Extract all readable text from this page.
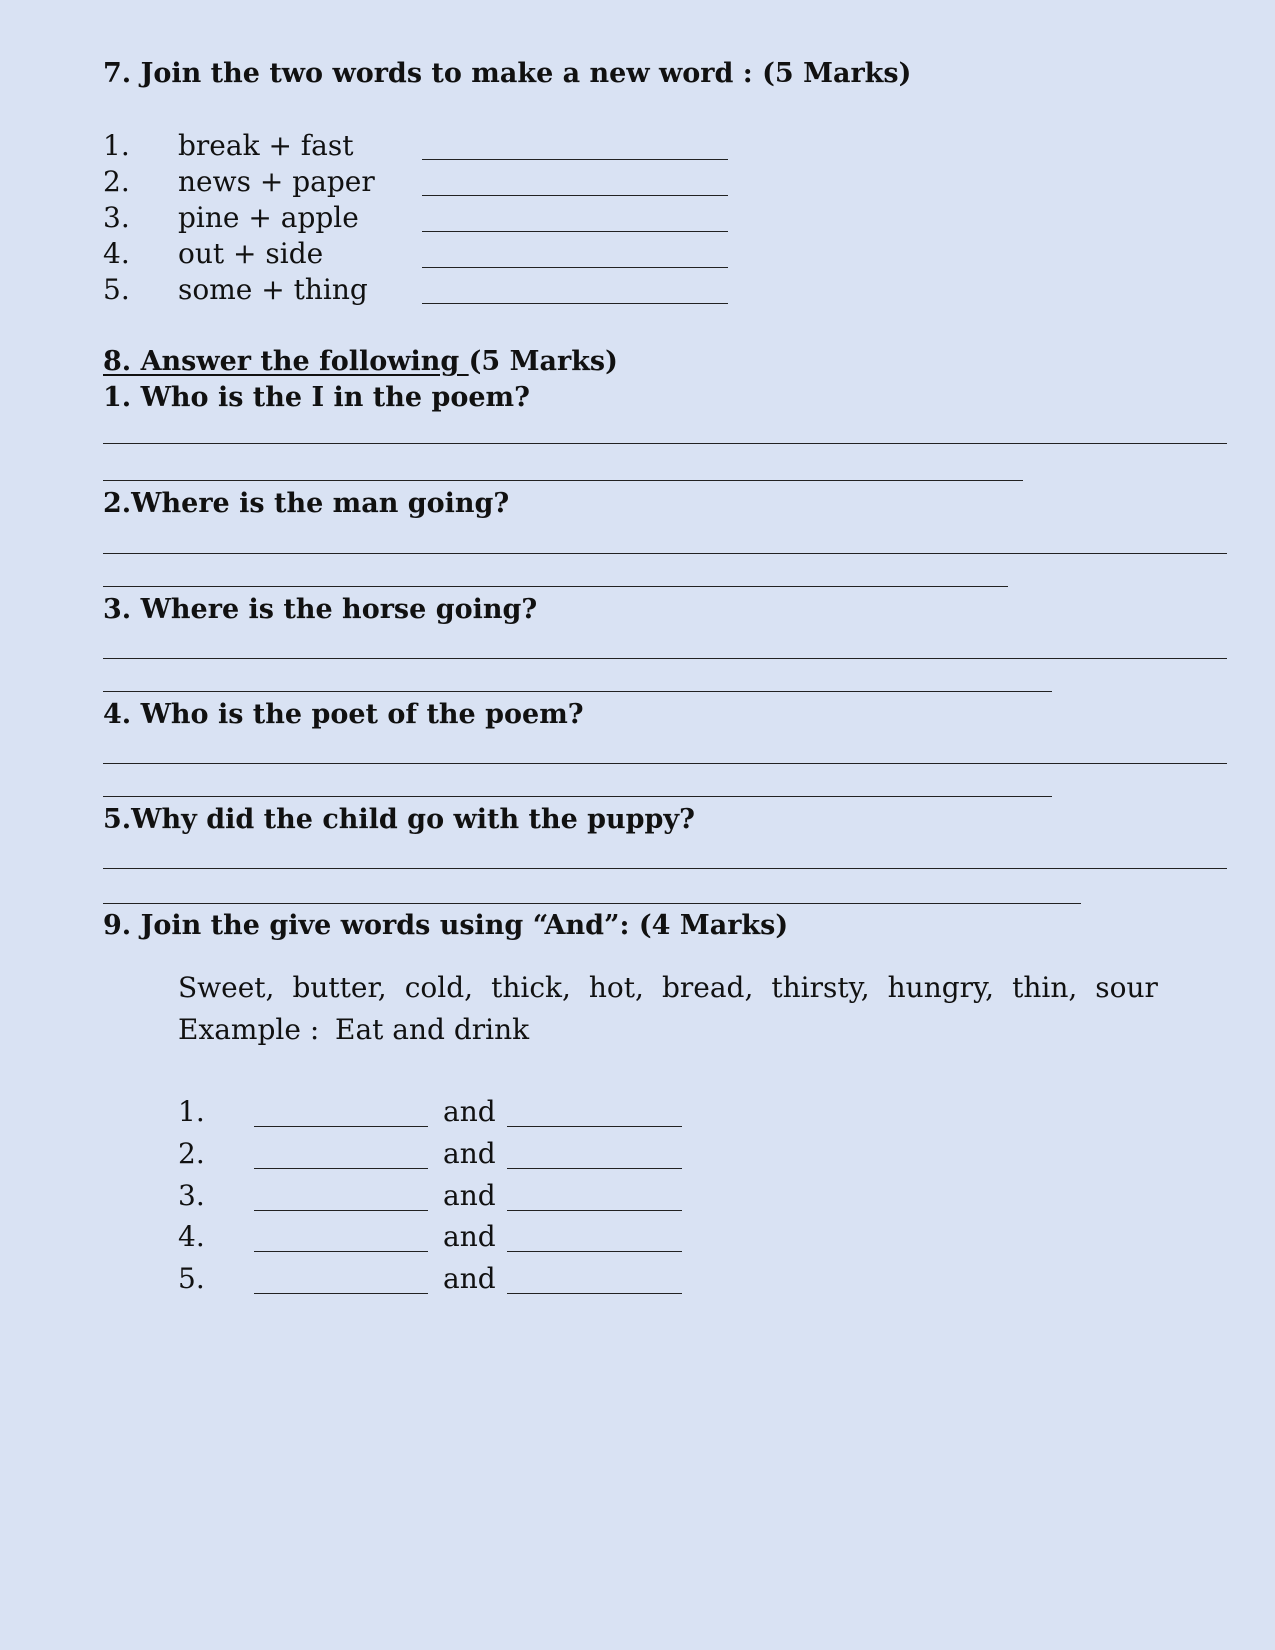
7. Join the two words to make a new word : (5 Marks)
1. break + fast
2. news + paper
3. pine + apple
4. out + side
5. some + thing
8. Answer the following (5 Marks)
1. Who is the I in the poem?
2.Where is the man going?
3. Where is the horse going?
4. Who is the poet of the poem?
5.Why did the child go with the puppy?
9. Join the give words using “And”: (4 Marks)
Sweet, butter, cold, thick, hot, bread, thirsty, hungry, thin, sour
Example : Eat and drink
1.	and
2.	and
3.	and
4.	and
5.	and
